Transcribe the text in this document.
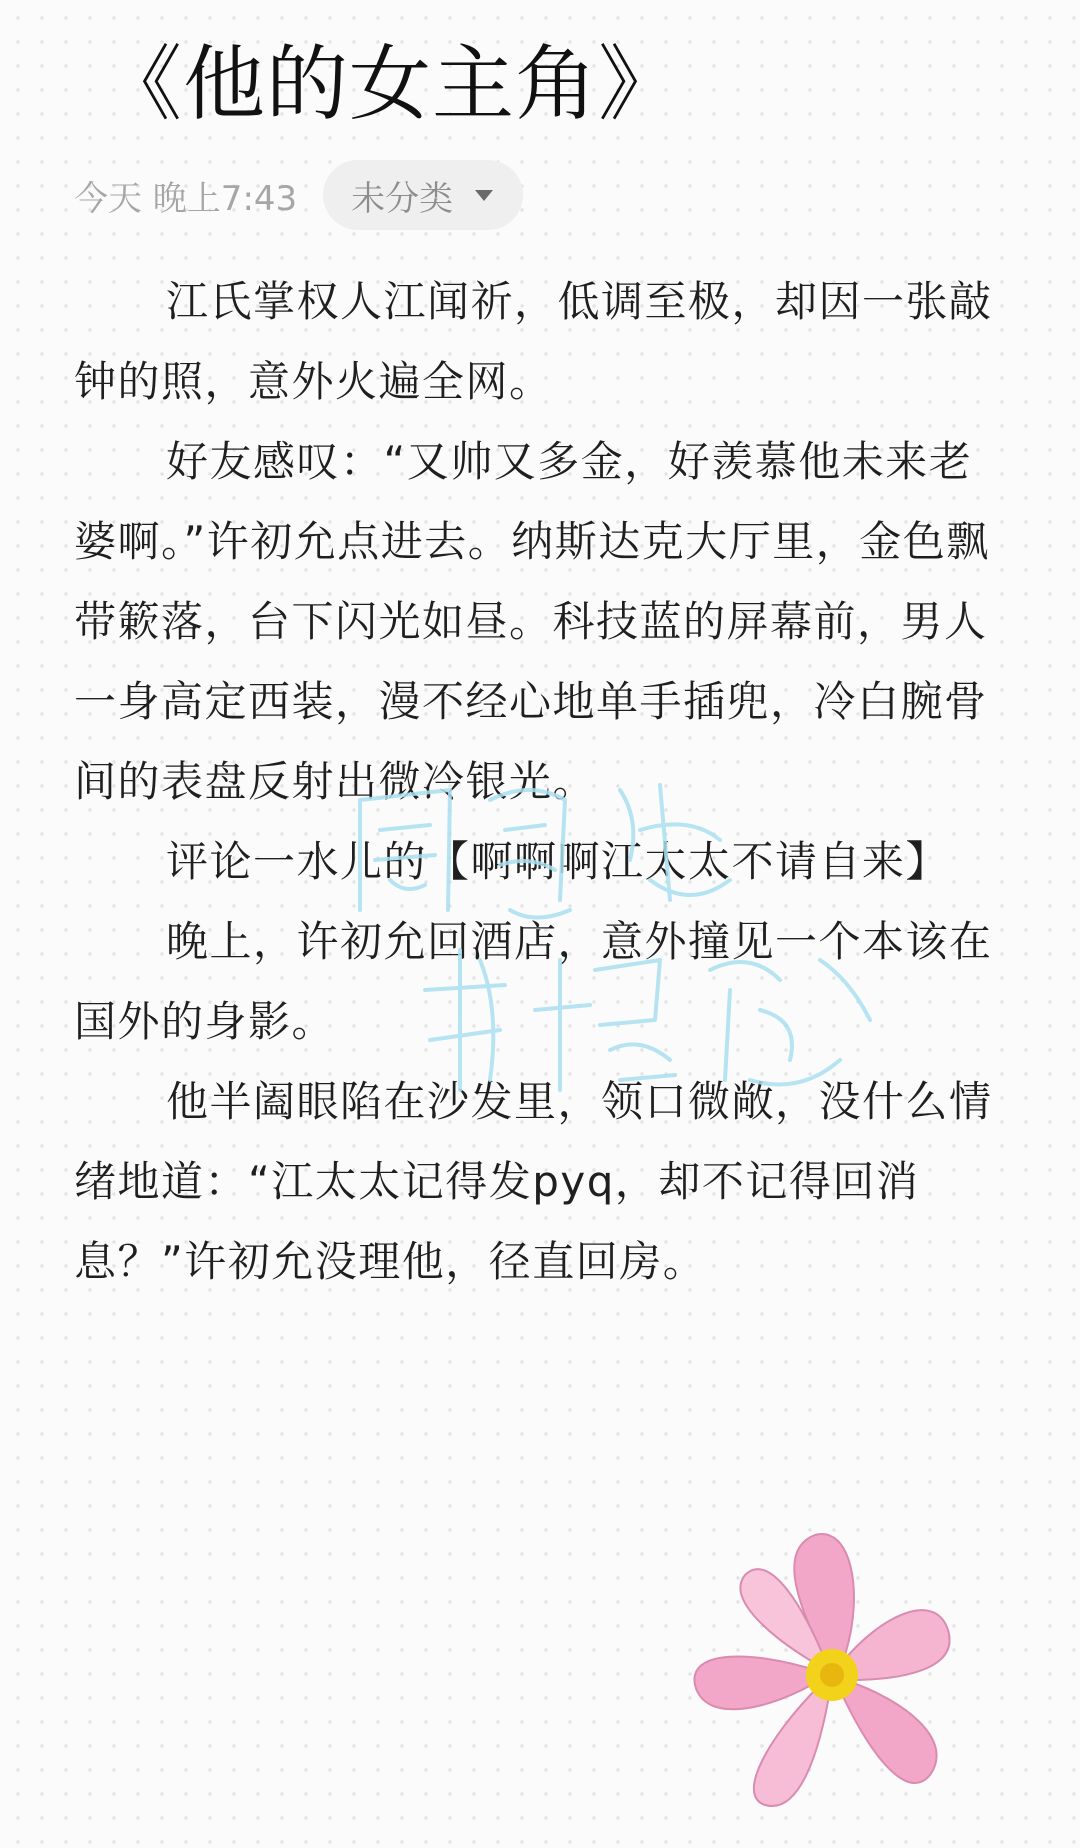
《他的女主角》
今天 晚上7:43 未分类

江氏掌权人江闻祈，低调至极，却因一张敲钟的照，意外火遍全网。

好友感叹：“又帅又多金，好羡慕他未来老婆啊。”许初允点进去。纳斯达克大厅里，金色飘带簌落，台下闪光如昼。科技蓝的屏幕前，男人一身高定西装，漫不经心地单手插兜，冷白腕骨间的表盘反射出微冷银光。

评论一水儿的【啊啊啊江太太不请自来】

晚上，许初允回酒店，意外撞见一个本该在国外的身影。

他半阖眼陷在沙发里，领口微敞，没什么情绪地道：“江太太记得发pyq，却不记得回消息？”许初允没理他，径直回房。
